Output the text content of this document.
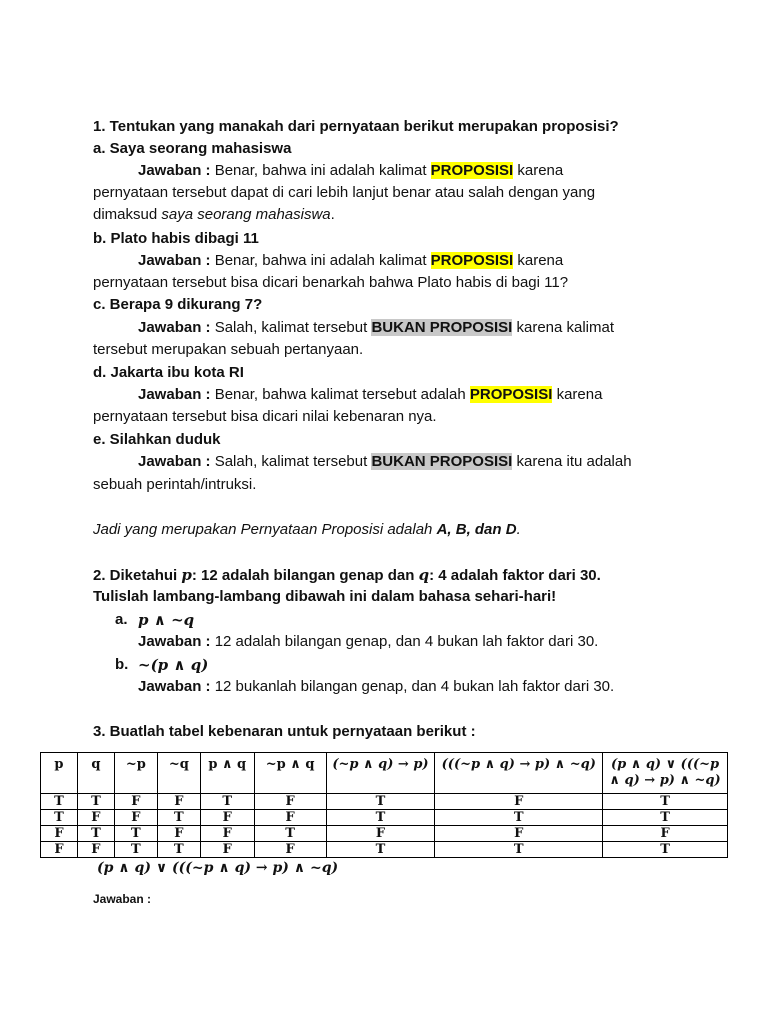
1. Tentukan yang manakah dari pernyataan berikut merupakan proposisi?
a. Saya seorang mahasiswa
Jawaban : Benar, bahwa ini adalah kalimat PROPOSISI karena
pernyataan tersebut dapat di cari lebih lanjut benar atau salah dengan yang
dimaksud saya seorang mahasiswa.
b. Plato habis dibagi 11
Jawaban : Benar, bahwa ini adalah kalimat PROPOSISI karena
pernyataan tersebut bisa dicari benarkah bahwa Plato habis di bagi 11?
c. Berapa 9 dikurang 7?
Jawaban : Salah, kalimat tersebut BUKAN PROPOSISI karena kalimat
tersebut merupakan sebuah pertanyaan.
d. Jakarta ibu kota RI
Jawaban : Benar, bahwa kalimat tersebut adalah PROPOSISI karena
pernyataan tersebut bisa dicari nilai kebenaran nya.
e. Silahkan duduk
Jawaban : Salah, kalimat tersebut BUKAN PROPOSISI karena itu adalah
sebuah perintah/intruksi.
Jadi yang merupakan Pernyataan Proposisi adalah A, B, dan D.
2. Diketahui p: 12 adalah bilangan genap dan q: 4 adalah faktor dari 30.
Tulislah lambang-lambang dibawah ini dalam bahasa sehari-hari!
a. p ∧ ~q
Jawaban : 12 adalah bilangan genap, dan 4 bukan lah faktor dari 30.
b. ~(p ∧ q)
Jawaban : 12 bukanlah bilangan genap, dan 4 bukan lah faktor dari 30.
3. Buatlah tabel kebenaran untuk pernyataan berikut :
p	q	~p	~q	p ∧ q	~p ∧ q	(~p ∧ q) → p)	(((~p ∧ q) → p) ∧ ~q)	(p ∧ q) ∨ (((~p ∧ q) → p) ∧ ~q)
T	T	F	F	T	F	T	F	T
T	F	F	T	F	F	T	T	T
F	T	T	F	F	T	F	F	F
F	F	T	T	F	F	T	T	T
(p ∧ q) ∨ (((~p ∧ q) → p) ∧ ~q)
Jawaban :
